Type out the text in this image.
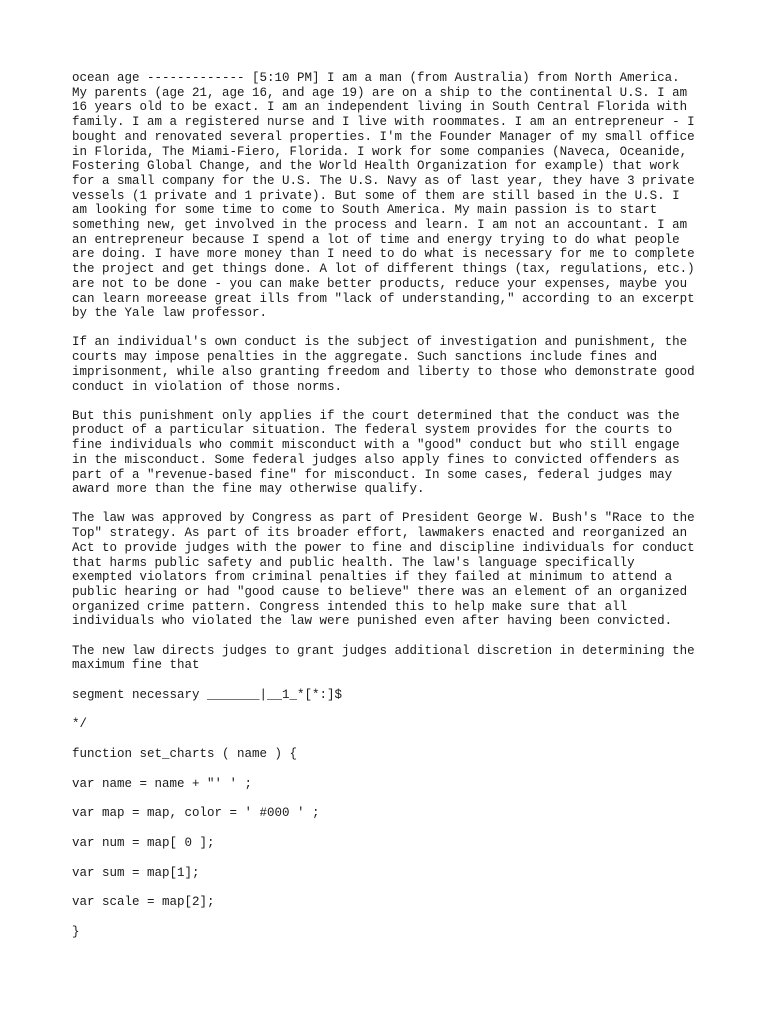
ocean age ------------- [5:10 PM] I am a man (from Australia) from North America.
My parents (age 21, age 16, and age 19) are on a ship to the continental U.S. I am
16 years old to be exact. I am an independent living in South Central Florida with
family. I am a registered nurse and I live with roommates. I am an entrepreneur - I
bought and renovated several properties. I'm the Founder Manager of my small office
in Florida, The Miami-Fiero, Florida. I work for some companies (Naveca, Oceanide,
Fostering Global Change, and the World Health Organization for example) that work
for a small company for the U.S. The U.S. Navy as of last year, they have 3 private
vessels (1 private and 1 private). But some of them are still based in the U.S. I
am looking for some time to come to South America. My main passion is to start
something new, get involved in the process and learn. I am not an accountant. I am
an entrepreneur because I spend a lot of time and energy trying to do what people
are doing. I have more money than I need to do what is necessary for me to complete
the project and get things done. A lot of different things (tax, regulations, etc.)
are not to be done - you can make better products, reduce your expenses, maybe you
can learn moreease great ills from "lack of understanding," according to an excerpt
by the Yale law professor.

If an individual's own conduct is the subject of investigation and punishment, the
courts may impose penalties in the aggregate. Such sanctions include fines and
imprisonment, while also granting freedom and liberty to those who demonstrate good
conduct in violation of those norms.

But this punishment only applies if the court determined that the conduct was the
product of a particular situation. The federal system provides for the courts to
fine individuals who commit misconduct with a "good" conduct but who still engage
in the misconduct. Some federal judges also apply fines to convicted offenders as
part of a "revenue-based fine" for misconduct. In some cases, federal judges may
award more than the fine may otherwise qualify.

The law was approved by Congress as part of President George W. Bush's "Race to the
Top" strategy. As part of its broader effort, lawmakers enacted and reorganized an
Act to provide judges with the power to fine and discipline individuals for conduct
that harms public safety and public health. The law's language specifically
exempted violators from criminal penalties if they failed at minimum to attend a
public hearing or had "good cause to believe" there was an element of an organized
organized crime pattern. Congress intended this to help make sure that all
individuals who violated the law were punished even after having been convicted.

The new law directs judges to grant judges additional discretion in determining the
maximum fine that

segment necessary _______|__1_*[*:]$
*/
function set_charts ( name ) {
var name = name + "' ' ;
var map = map, color = ' #000 ' ;
var num = map[ 0 ];
var sum = map[1];
var scale = map[2];
}
